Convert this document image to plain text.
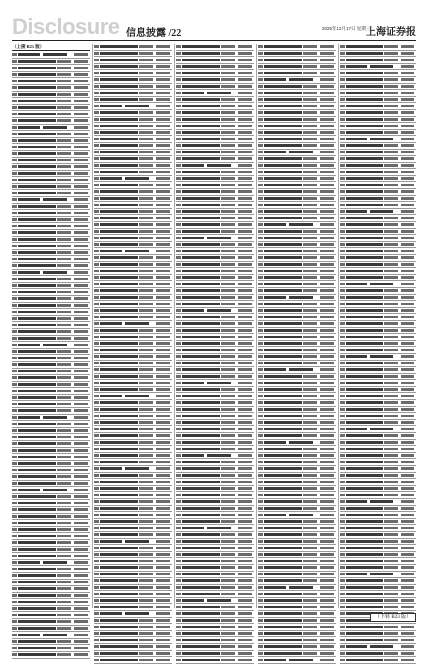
Disclosure 信息披露 /22	2025年12月17日 星期三
上海证券报
（上接 B21 版）
（下转 B23 版）
